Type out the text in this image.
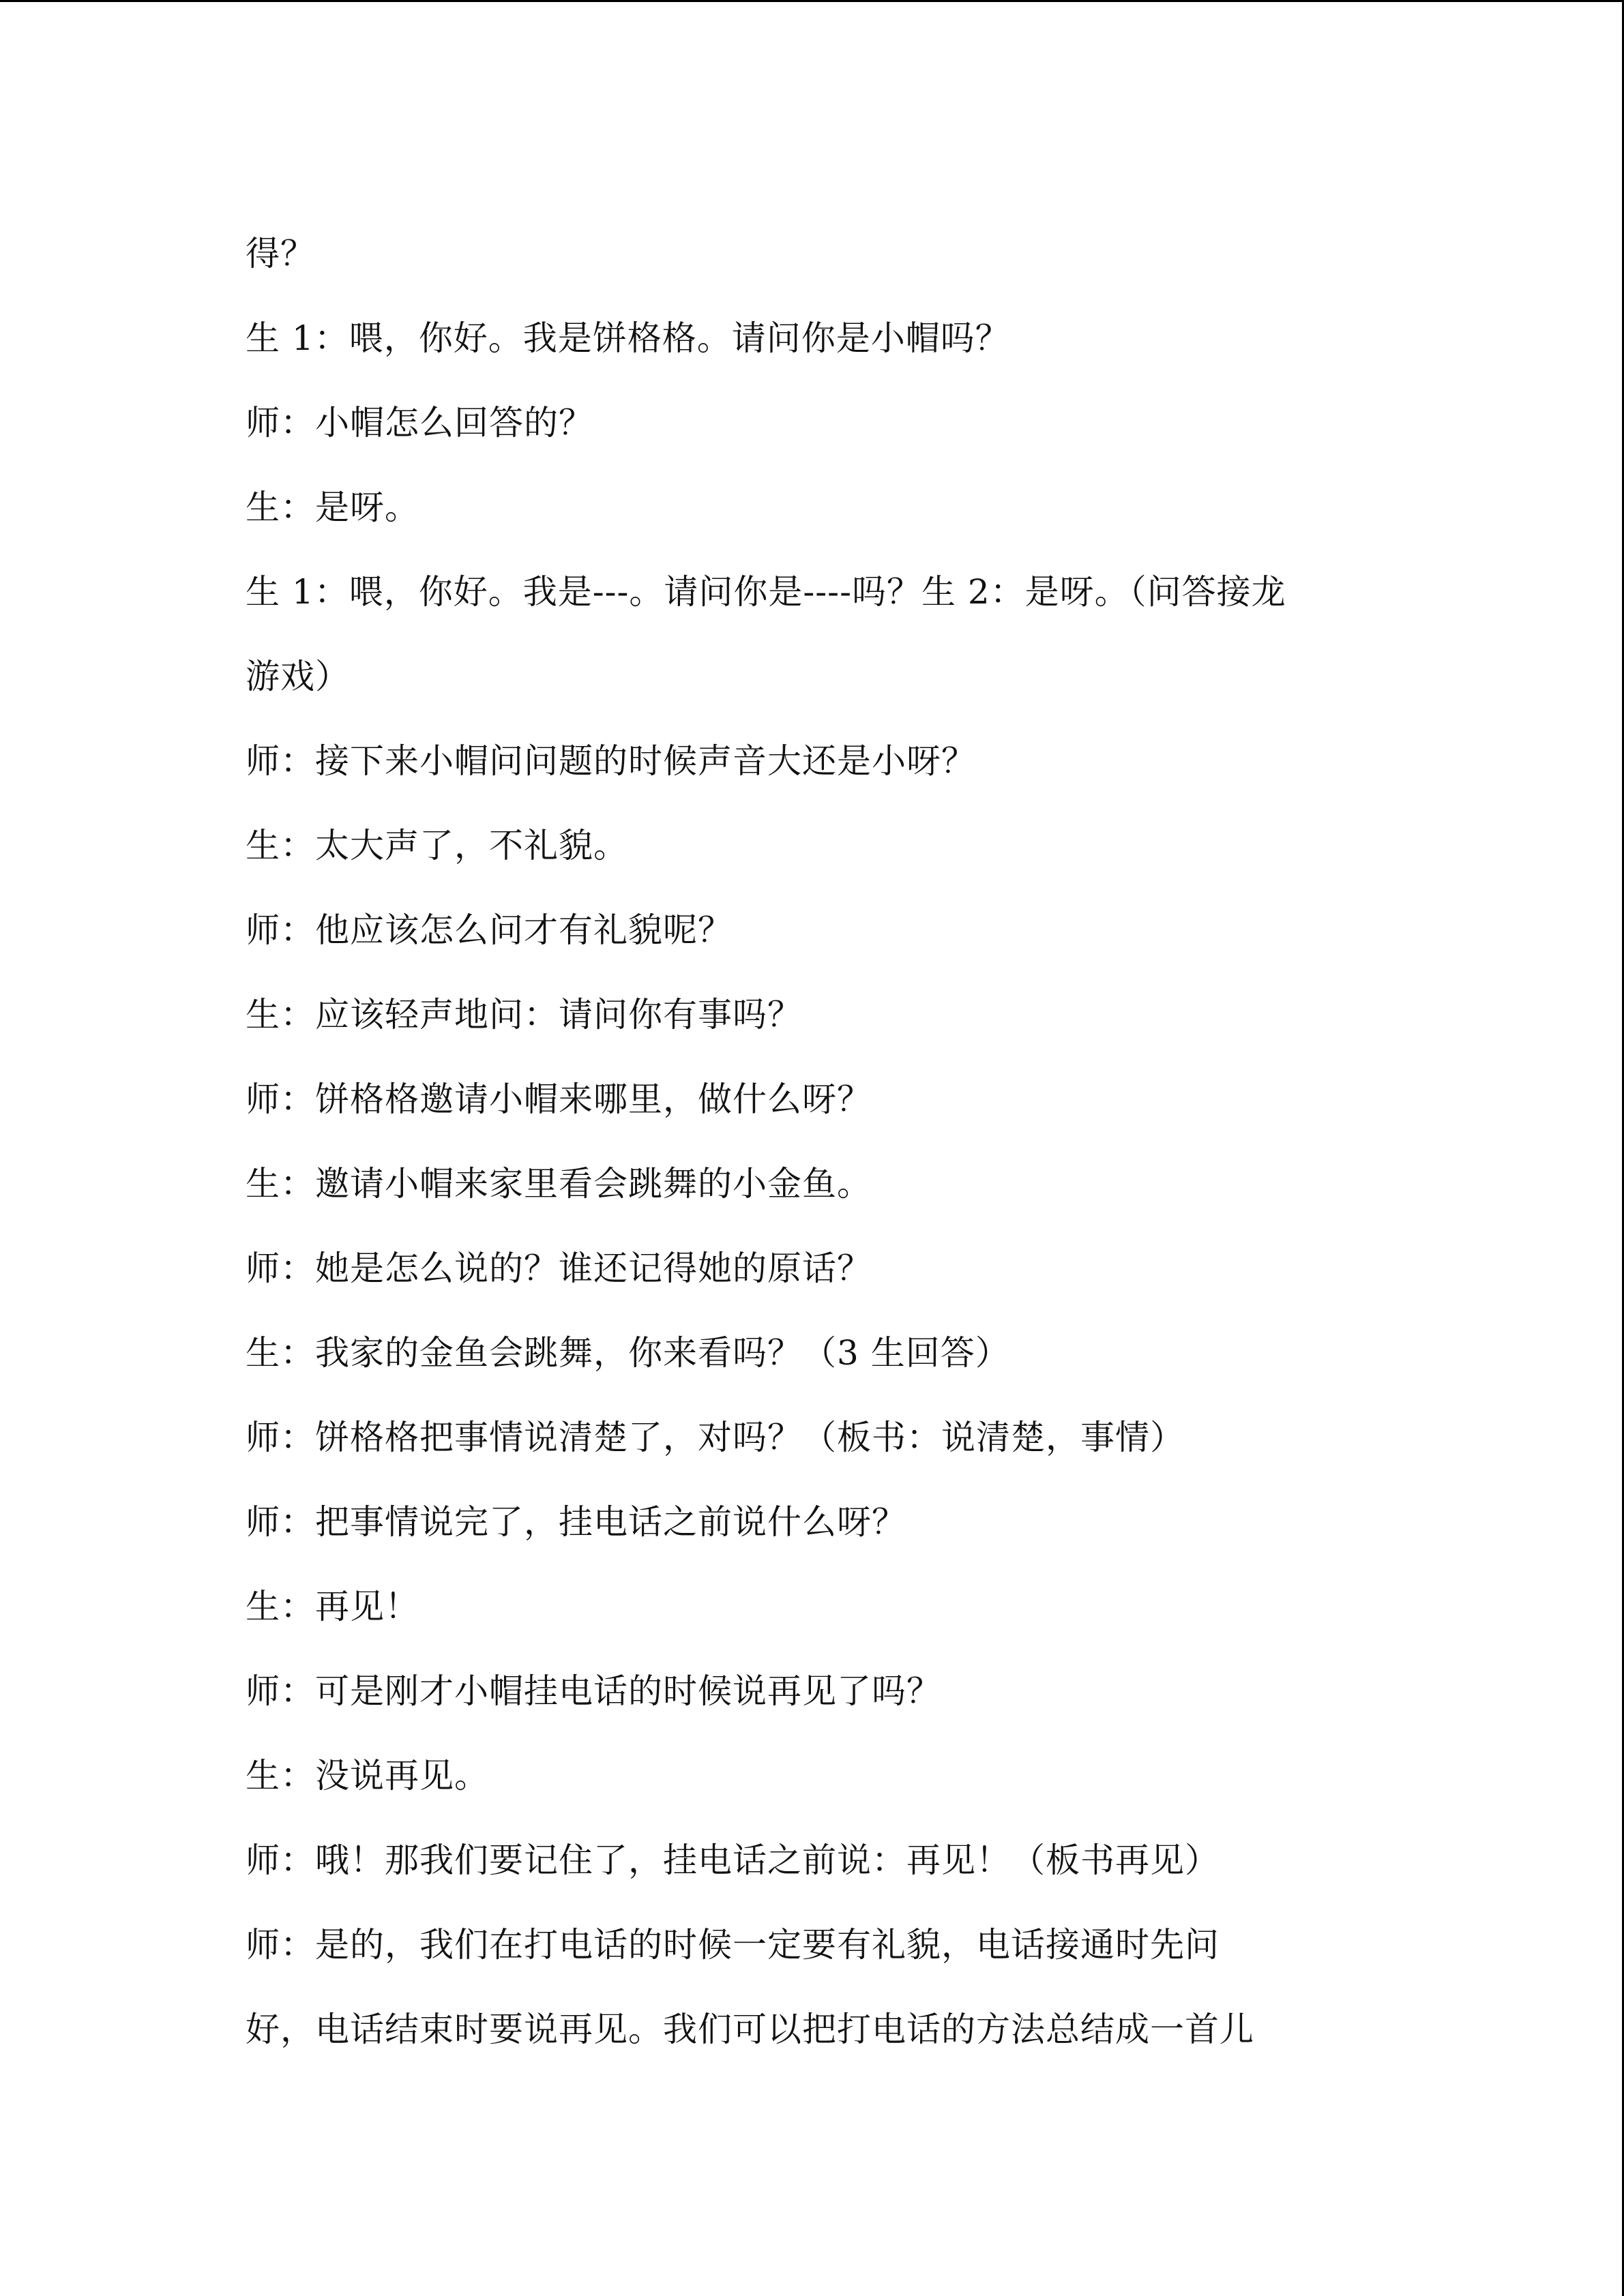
得？
生 1：喂，你好。我是饼格格。请问你是小帽吗？
师：小帽怎么回答的？
生：是呀。
生 1：喂，你好。我是---。请问你是----吗？生 2：是呀。（问答接龙
游戏）
师：接下来小帽问问题的时候声音大还是小呀？
生：太大声了，不礼貌。
师：他应该怎么问才有礼貌呢？
生：应该轻声地问：请问你有事吗？
师：饼格格邀请小帽来哪里，做什么呀？
生：邀请小帽来家里看会跳舞的小金鱼。
师：她是怎么说的？谁还记得她的原话？
生：我家的金鱼会跳舞，你来看吗？（3 生回答）
师：饼格格把事情说清楚了，对吗？（板书：说清楚，事情）
师：把事情说完了，挂电话之前说什么呀？
生：再见！
师：可是刚才小帽挂电话的时候说再见了吗？
生：没说再见。
师：哦！那我们要记住了，挂电话之前说：再见！（板书再见）
师：是的，我们在打电话的时候一定要有礼貌，电话接通时先问
好，电话结束时要说再见。我们可以把打电话的方法总结成一首儿
